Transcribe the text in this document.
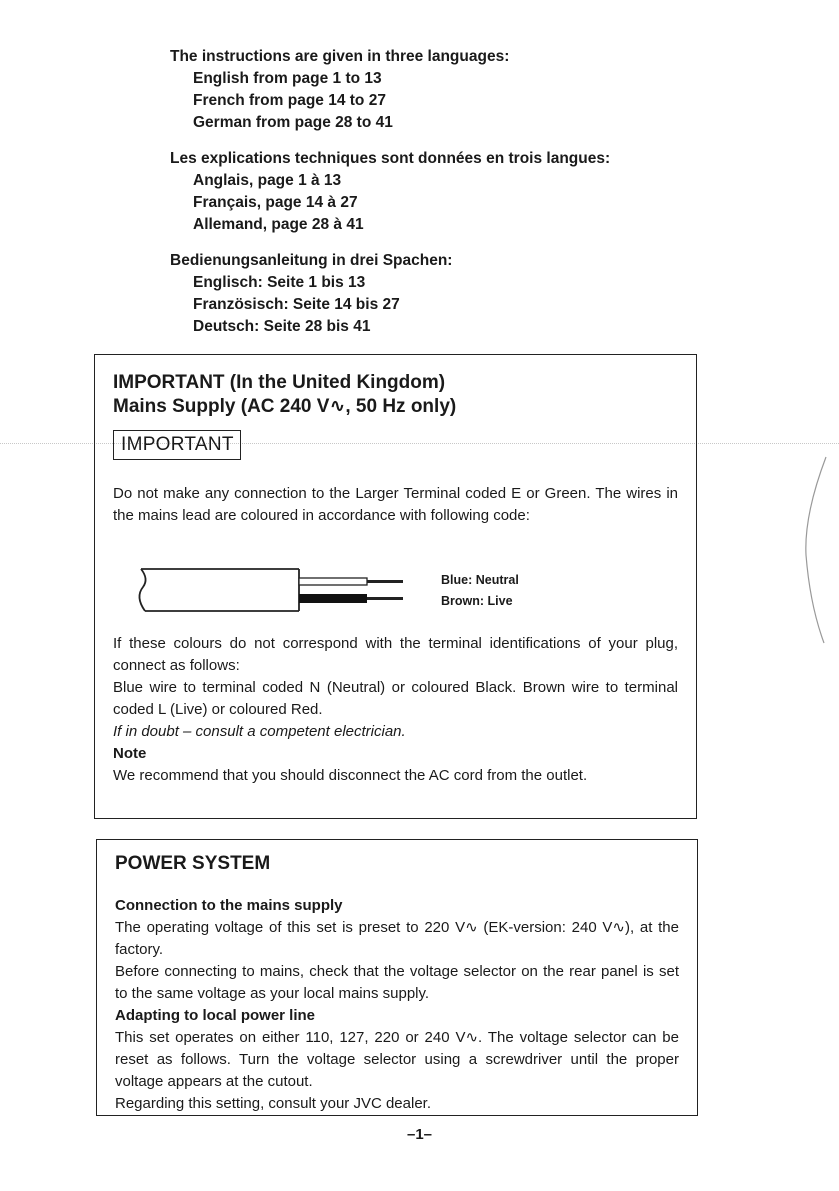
The instructions are given in three languages:
English from page 1 to 13
French from page 14 to 27
German from page 28 to 41
Les explications techniques sont données en trois langues:
Anglais, page 1 à 13
Français, page 14 à 27
Allemand, page 28 à 41
Bedienungsanleitung in drei Spachen:
Englisch: Seite 1 bis 13
Französisch: Seite 14 bis 27
Deutsch: Seite 28 bis 41
IMPORTANT (In the United Kingdom)
Mains Supply (AC 240 V∿, 50 Hz only)
IMPORTANT
Do not make any connection to the Larger Terminal coded E or Green. The wires in the mains lead are coloured in accordance with following code:
Blue: Neutral
Brown: Live
If these colours do not correspond with the terminal identifications of your plug, connect as follows:
Blue wire to terminal coded N (Neutral) or coloured Black. Brown wire to terminal coded L (Live) or coloured Red.
If in doubt – consult a competent electrician.
Note
We recommend that you should disconnect the AC cord from the outlet.
POWER SYSTEM
Connection to the mains supply
The operating voltage of this set is preset to 220 V∿ (EK-version: 240 V∿), at the factory.
Before connecting to mains, check that the voltage selector on the rear panel is set to the same voltage as your local mains supply.
Adapting to local power line
This set operates on either 110, 127, 220 or 240 V∿. The voltage selector can be reset as follows. Turn the voltage selector using a screwdriver until the proper voltage appears at the cutout.
Regarding this setting, consult your JVC dealer.
–1–
